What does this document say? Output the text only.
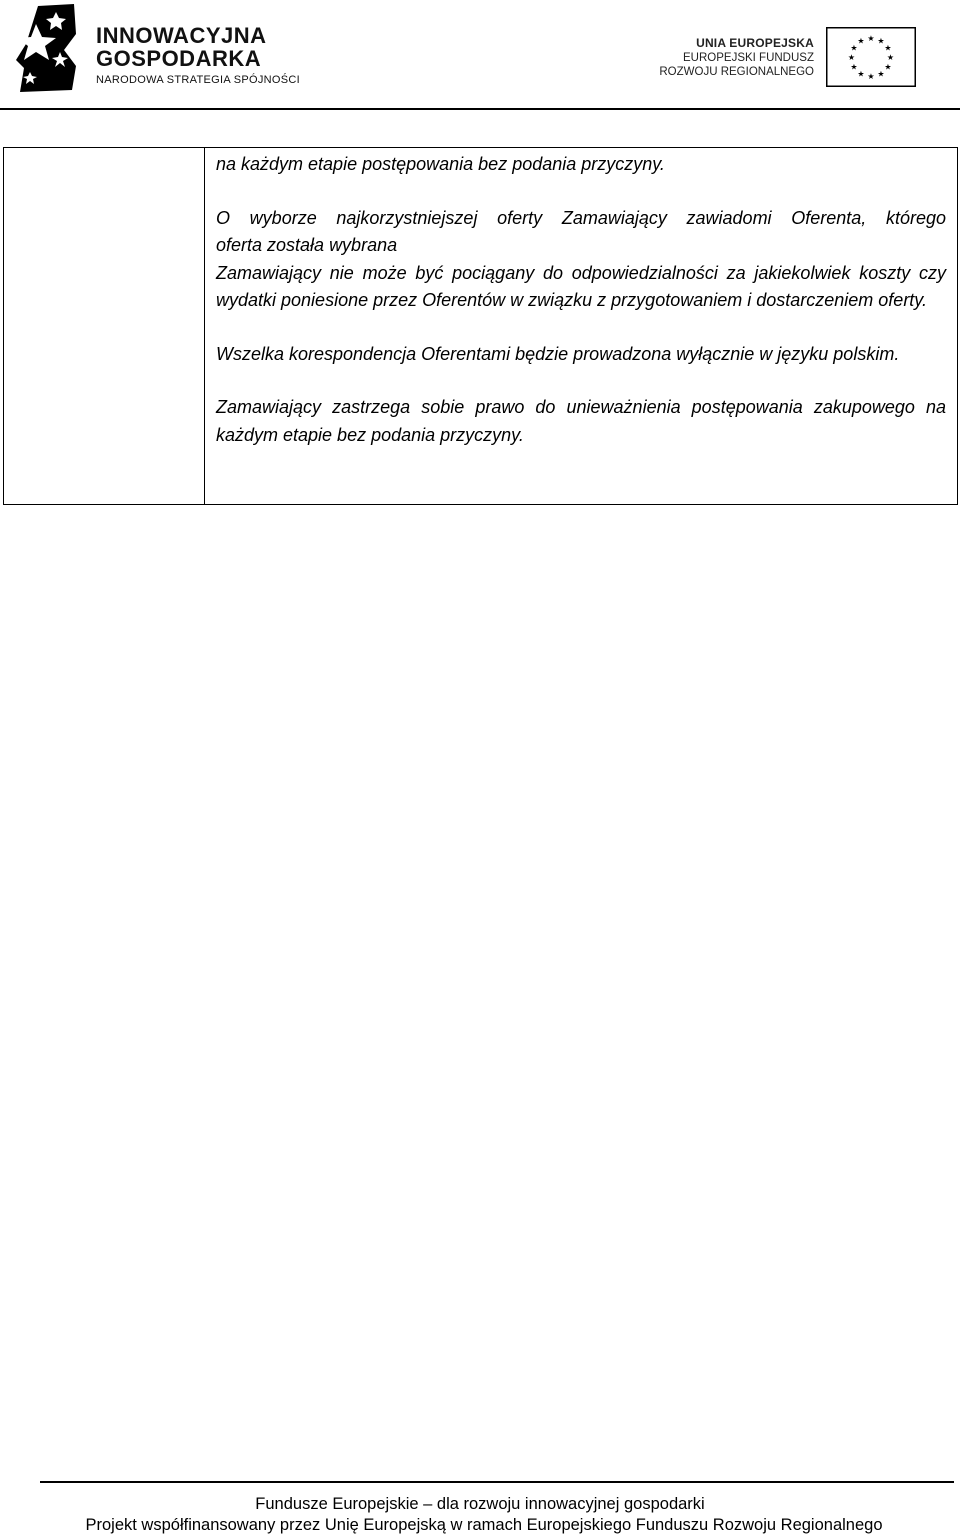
INNOWACYJNA
GOSPODARKA
NARODOWA STRATEGIA SPÓJNOŚCI
UNIA EUROPEJSKA
EUROPEJSKI FUNDUSZ
ROZWOJU REGIONALNEGO
★ ★
★
★
★
★
★
★
★
★
★
★

na każdym etapie postępowania bez podania przyczyny.

O wyborze najkorzystniejszej oferty Zamawiający zawiadomi Oferenta, którego

oferta została wybrana

Zamawiający nie może być pociągany do odpowiedzialności za jakiekolwiek koszty czy wydatki poniesione przez Oferentów w związku z przygotowaniem i dostarczeniem oferty.

Wszelka korespondencja Oferentami będzie prowadzona wyłącznie w języku polskim.

Zamawiający zastrzega sobie prawo do unieważnienia postępowania zakupowego na każdym etapie bez podania przyczyny.

Fundusze Europejskie – dla rozwoju innowacyjnej gospodarki
Projekt współfinansowany przez Unię Europejską w ramach Europejskiego Funduszu Rozwoju Regionalnego
